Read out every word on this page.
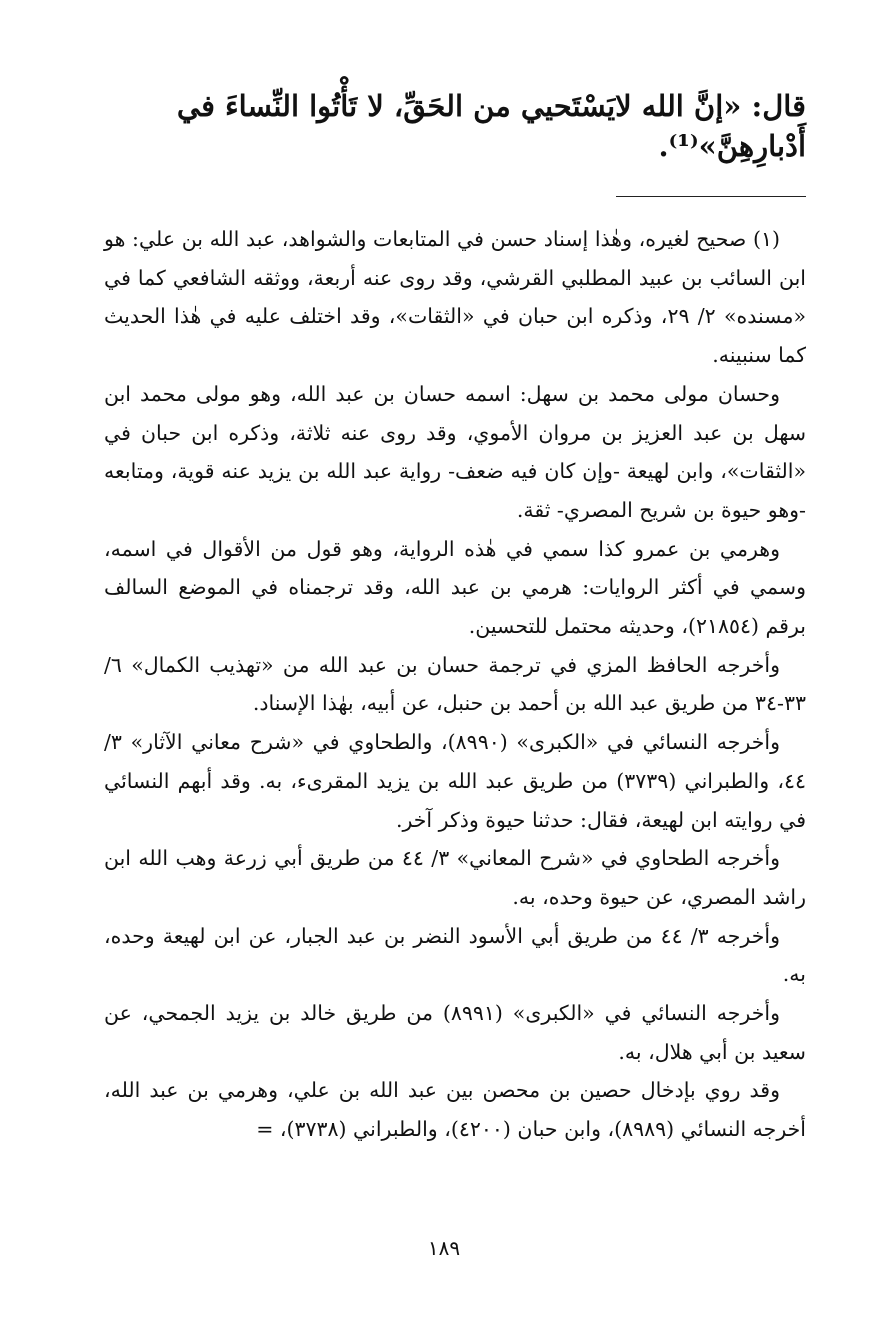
قال: «إنَّ الله لايَسْتَحيي من الحَقِّ، لا تَأْتُوا النِّساءَ في أَدْبارِهِنَّ»⁽¹⁾.

(١) صحيح لغيره، وهٰذا إسناد حسن في المتابعات والشواهد، عبد الله بن علي: هو ابن السائب بن عبيد المطلبي القرشي، وقد روى عنه أربعة، ووثقه الشافعي كما في «مسنده» ٢/ ٢٩، وذكره ابن حبان في «الثقات»، وقد اختلف عليه في هٰذا الحديث كما سنبينه.

وحسان مولى محمد بن سهل: اسمه حسان بن عبد الله، وهو مولى محمد ابن سهل بن عبد العزيز بن مروان الأموي، وقد روى عنه ثلاثة، وذكره ابن حبان في «الثقات»، وابن لهيعة -وإن كان فيه ضعف- رواية عبد الله بن يزيد عنه قوية، ومتابعه -وهو حيوة بن شريح المصري- ثقة.

وهرمي بن عمرو كذا سمي في هٰذه الرواية، وهو قول من الأقوال في اسمه، وسمي في أكثر الروايات: هرمي بن عبد الله، وقد ترجمناه في الموضع السالف برقم (٢١٨٥٤)، وحديثه محتمل للتحسين.

وأخرجه الحافظ المزي في ترجمة حسان بن عبد الله من «تهذيب الكمال» ٦/ ٣٣-٣٤ من طريق عبد الله بن أحمد بن حنبل، عن أبيه، بهٰذا الإسناد.

وأخرجه النسائي في «الكبرى» (٨٩٩٠)، والطحاوي في «شرح معاني الآثار» ٣/ ٤٤، والطبراني (٣٧٣٩) من طريق عبد الله بن يزيد المقرىء، به. وقد أبهم النسائي في روايته ابن لهيعة، فقال: حدثنا حيوة وذكر آخر.

وأخرجه الطحاوي في «شرح المعاني» ٣/ ٤٤ من طريق أبي زرعة وهب الله ابن راشد المصري، عن حيوة وحده، به.

وأخرجه ٣/ ٤٤ من طريق أبي الأسود النضر بن عبد الجبار، عن ابن لهيعة وحده، به.

وأخرجه النسائي في «الكبرى» (٨٩٩١) من طريق خالد بن يزيد الجمحي، عن سعيد بن أبي هلال، به.

وقد روي بإدخال حصين بن محصن بين عبد الله بن علي، وهرمي بن عبد الله، أخرجه النسائي (٨٩٨٩)، وابن حبان (٤٢٠٠)، والطبراني (٣٧٣٨)، =

١٨٩
